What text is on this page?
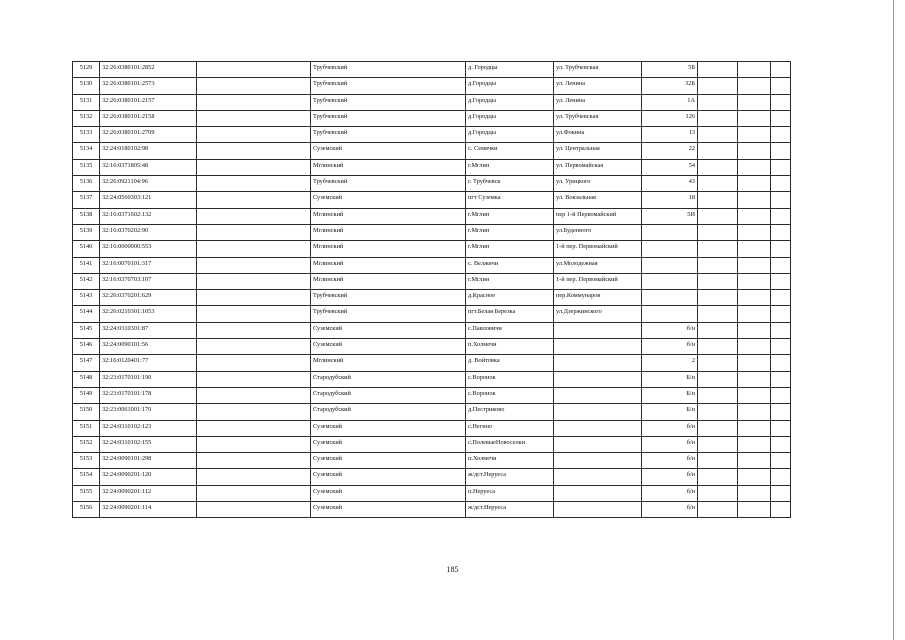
5129	32:26:0380101:2852		Трубчевский	д. Городцы	ул. Трубчевская	5Б			
5130	32:26:0380101:2573		Трубчевский	д.Городцы	ул. Ленина	32Б			
5131	32:26:0380101:2157		Трубчевский	д.Городцы	ул. Ленина	1А			
5132	32:26:0380101:2158		Трубчевский	д.Городцы	ул. Трубчевская	126			
5133	32:26:0380101:2709		Трубчевский	д.Городцы	ул.Фокина	13			
5134	32:24:0180102:98		Суземский	с. Семячки	ул. Центральная	22			
5135	32:16:0371805:48		Мглинский	г.Мглин	ул. Первомайская	54			
5136	32:26:0921104:96		Трубчевский	г. Трубчевск	ул. Урицкого	43			
5137	32:24:0560303:121		Суземский	пгт Суземка	ул. Вокзальная	18			
5138	32:16:0371602:132		Мглинский	г.Мглин	пер 1-й Первомайский	5И			
5139	32:16:0370202:90		Мглинский	г.Мглин	ул.Буденного				
5140	32:16:0000000:553		Мглинский	г.Мглин	1-й пер. Первомайский				
5141	32:16:0070101:317		Мглинский	с. Велжичи	ул.Молодежная				
5142	32:16:0370703:107		Мглинский	г.Мглин	1-й пер. Первомайский				
5143	32:26:0370201:629		Трубчевский	д.Красное	пер.Коммунаров				
5144	32:26:0210301:1053		Трубчевский	пгт.Белая Березка	ул.Дзержинского				
5145	32:24:0310301:87		Суземский	с.Павловичи		б/н			
5146	32:24:0090101:56		Суземский	п.Холмечи		б/н			
5147	32:16:0120401:77		Мглинский	д. Войтовка		2			
5148	32:23:0170101:190		Стародубский	с.Воронок		Б/н			
5149	32:23:0170101:178		Стародубский	с.Воронок		Б/н			
5150	32:23:0061001:170		Стародубский	д.Пестриково		Б/н			
5151	32:24:0310102:123		Суземский	с.Негино		б/н			
5152	32:24:0310102:155		Суземский	с.ПолевыеНовоселки		б/н			
5153	32:24:0090101:298		Суземский	п.Холмечи		б/н			
5154	32:24:0090201:120		Суземский	ж/дст.Неруеса		б/н			
5155	32:24:0090201:112		Суземский	п.Неруеса		б/н			
5156	32:24:0090201:114		Суземский	ж/дст.Неруеса		б/н			
185
